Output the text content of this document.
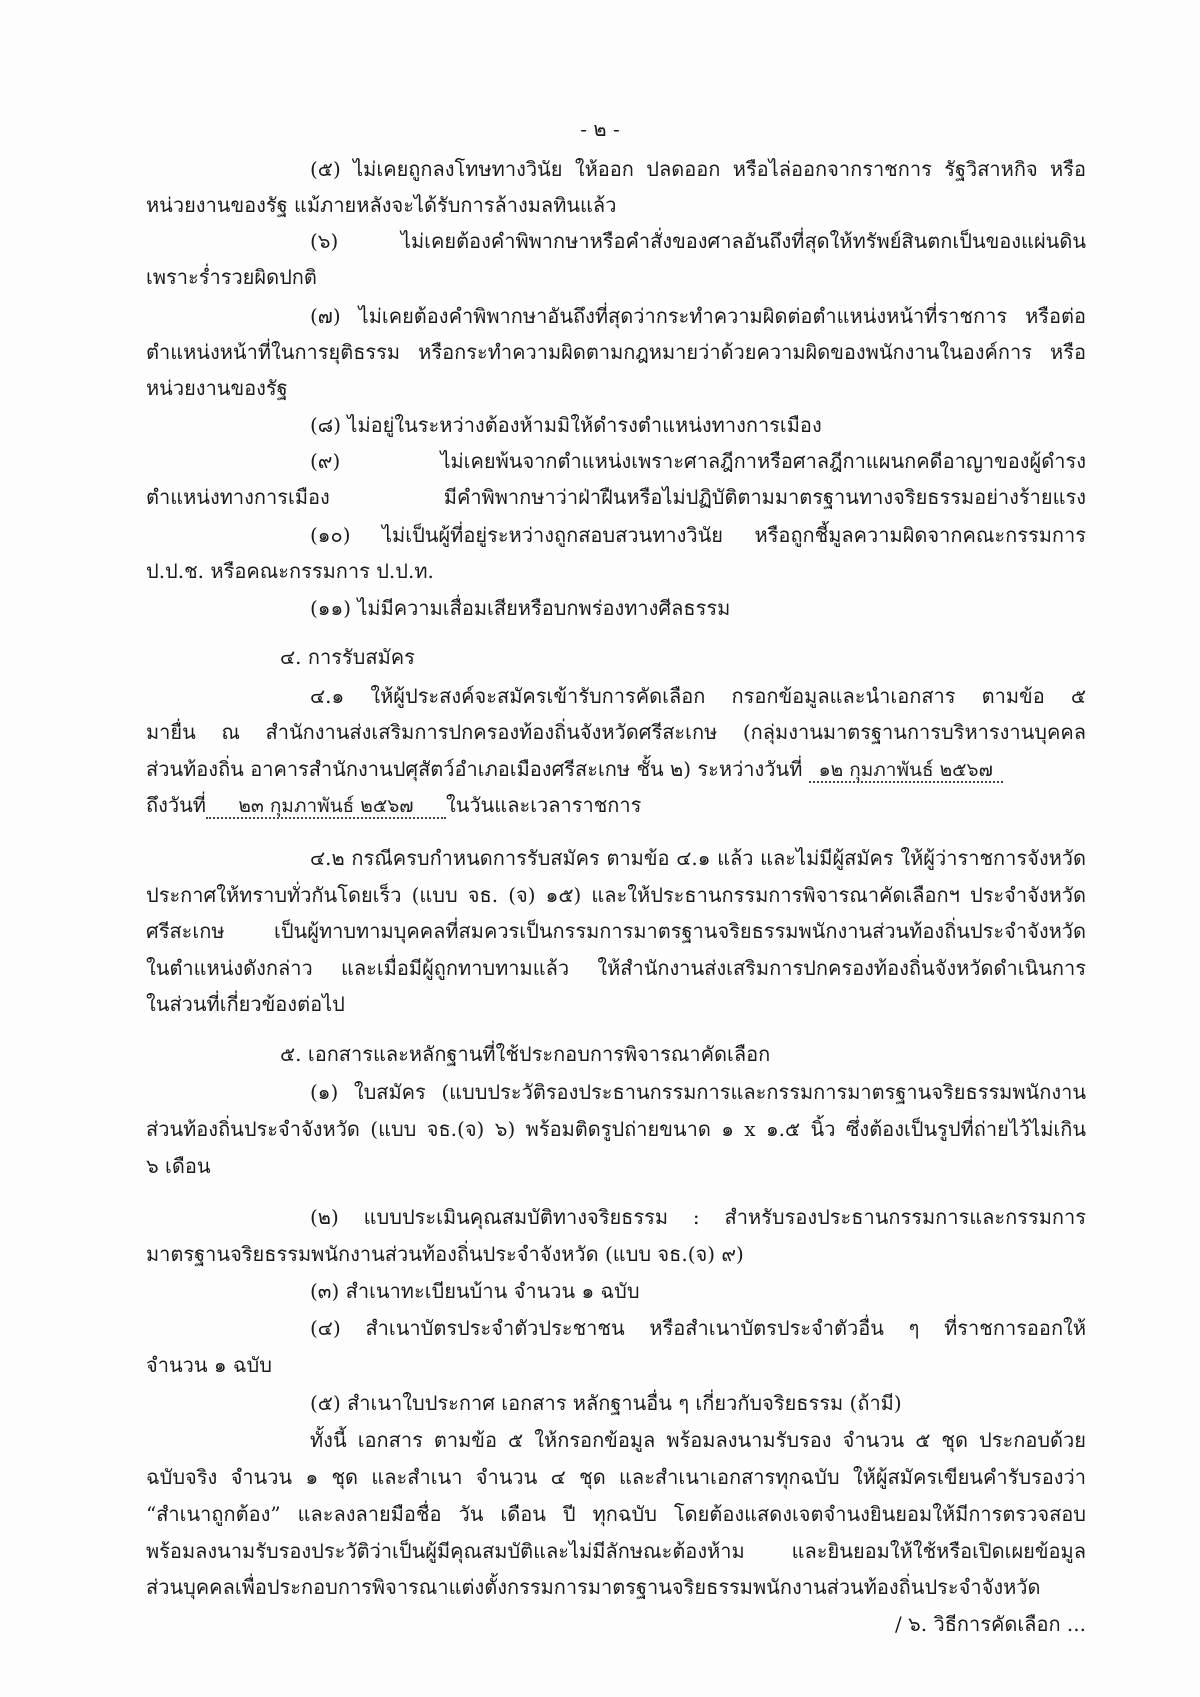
- ๒ -
(๕) ไม่เคยถูกลงโทษทางวินัย ให้ออก ปลดออก หรือไล่ออกจากราชการ รัฐวิสาหกิจ หรือ
หน่วยงานของรัฐ แม้ภายหลังจะได้รับการล้างมลทินแล้ว
(๖) ไม่เคยต้องคำพิพากษาหรือคำสั่งของศาลอันถึงที่สุดให้ทรัพย์สินตกเป็นของแผ่นดิน
เพราะร่ำรวยผิดปกติ
(๗) ไม่เคยต้องคำพิพากษาอันถึงที่สุดว่ากระทำความผิดต่อตำแหน่งหน้าที่ราชการ หรือต่อ
ตำแหน่งหน้าที่ในการยุติธรรม หรือกระทำความผิดตามกฎหมายว่าด้วยความผิดของพนักงานในองค์การ หรือ
หน่วยงานของรัฐ
(๘) ไม่อยู่ในระหว่างต้องห้ามมิให้ดำรงตำแหน่งทางการเมือง
(๙) ไม่เคยพ้นจากตำแหน่งเพราะศาลฎีกาหรือศาลฎีกาแผนกคดีอาญาของผู้ดำรง
ตำแหน่งทางการเมือง มีคำพิพากษาว่าฝ่าฝืนหรือไม่ปฏิบัติตามมาตรฐานทางจริยธรรมอย่างร้ายแรง
(๑๐) ไม่เป็นผู้ที่อยู่ระหว่างถูกสอบสวนทางวินัย หรือถูกชี้มูลความผิดจากคณะกรรมการ
ป.ป.ช. หรือคณะกรรมการ ป.ป.ท.
(๑๑) ไม่มีความเสื่อมเสียหรือบกพร่องทางศีลธรรม
๔. การรับสมัคร
๔.๑ ให้ผู้ประสงค์จะสมัครเข้ารับการคัดเลือก กรอกข้อมูลและนำเอกสาร ตามข้อ ๕
มายื่น ณ สำนักงานส่งเสริมการปกครองท้องถิ่นจังหวัดศรีสะเกษ (กลุ่มงานมาตรฐานการบริหารงานบุคคล
ส่วนท้องถิ่น อาคารสำนักงานปศุสัตว์อำเภอเมืองศรีสะเกษ ชั้น ๒) ระหว่างวันที่ ๑๒ กุมภาพันธ์ ๒๕๖๗
ถึงวันที่ ๒๓ กุมภาพันธ์ ๒๕๖๗ ในวันและเวลาราชการ
๔.๒ กรณีครบกำหนดการรับสมัคร ตามข้อ ๔.๑ แล้ว และไม่มีผู้สมัคร ให้ผู้ว่าราชการจังหวัด
ประกาศให้ทราบทั่วกันโดยเร็ว (แบบ จธ. (จ) ๑๕) และให้ประธานกรรมการพิจารณาคัดเลือกฯ ประจำจังหวัด
ศรีสะเกษ เป็นผู้ทาบทามบุคคลที่สมควรเป็นกรรมการมาตรฐานจริยธรรมพนักงานส่วนท้องถิ่นประจำจังหวัด
ในตำแหน่งดังกล่าว และเมื่อมีผู้ถูกทาบทามแล้ว ให้สำนักงานส่งเสริมการปกครองท้องถิ่นจังหวัดดำเนินการ
ในส่วนที่เกี่ยวข้องต่อไป
๕. เอกสารและหลักฐานที่ใช้ประกอบการพิจารณาคัดเลือก
(๑) ใบสมัคร (แบบประวัติรองประธานกรรมการและกรรมการมาตรฐานจริยธรรมพนักงาน
ส่วนท้องถิ่นประจำจังหวัด (แบบ จธ.(จ) ๖) พร้อมติดรูปถ่ายขนาด ๑ x ๑.๕ นิ้ว ซึ่งต้องเป็นรูปที่ถ่ายไว้ไม่เกิน
๖ เดือน
(๒) แบบประเมินคุณสมบัติทางจริยธรรม : สำหรับรองประธานกรรมการและกรรมการ
มาตรฐานจริยธรรมพนักงานส่วนท้องถิ่นประจำจังหวัด (แบบ จธ.(จ) ๙)
(๓) สำเนาทะเบียนบ้าน จำนวน ๑ ฉบับ
(๔) สำเนาบัตรประจำตัวประชาชน หรือสำเนาบัตรประจำตัวอื่น ๆ ที่ราชการออกให้
จำนวน ๑ ฉบับ
(๕) สำเนาใบประกาศ เอกสาร หลักฐานอื่น ๆ เกี่ยวกับจริยธรรม (ถ้ามี)
ทั้งนี้ เอกสาร ตามข้อ ๕ ให้กรอกข้อมูล พร้อมลงนามรับรอง จำนวน ๕ ชุด ประกอบด้วย
ฉบับจริง จำนวน ๑ ชุด และสำเนา จำนวน ๔ ชุด และสำเนาเอกสารทุกฉบับ ให้ผู้สมัครเขียนคำรับรองว่า
“สำเนาถูกต้อง” และลงลายมือชื่อ วัน เดือน ปี ทุกฉบับ โดยต้องแสดงเจตจำนงยินยอมให้มีการตรวจสอบ
พร้อมลงนามรับรองประวัติว่าเป็นผู้มีคุณสมบัติและไม่มีลักษณะต้องห้าม และยินยอมให้ใช้หรือเปิดเผยข้อมูล
ส่วนบุคคลเพื่อประกอบการพิจารณาแต่งตั้งกรรมการมาตรฐานจริยธรรมพนักงานส่วนท้องถิ่นประจำจังหวัด
/ ๖. วิธีการคัดเลือก ...
